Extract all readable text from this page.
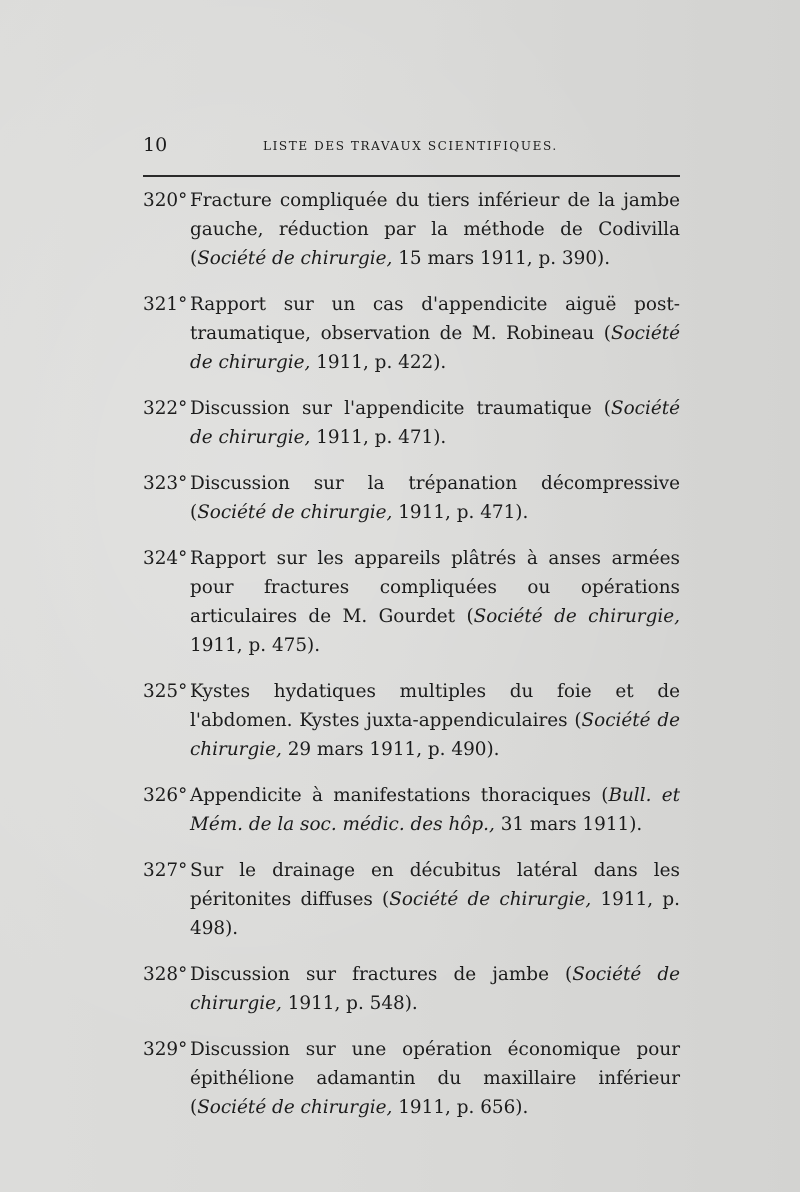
10	LISTE DES TRAVAUX SCIENTIFIQUES.
320° Fracture compliquée du tiers inférieur de la jambe gauche, réduction par la méthode de Codivilla (Société de chirurgie, 15 mars 1911, p. 390).
321° Rapport sur un cas d'appendicite aiguë post-traumatique, observation de M. Robineau (Société de chirurgie, 1911, p. 422).
322° Discussion sur l'appendicite traumatique (Société de chirurgie, 1911, p. 471).
323° Discussion sur la trépanation décompressive (Société de chirurgie, 1911, p. 471).
324° Rapport sur les appareils plâtrés à anses armées pour fractures compliquées ou opérations articulaires de M. Gourdet (Société de chirurgie, 1911, p. 475).
325° Kystes hydatiques multiples du foie et de l'abdomen. Kystes juxta-appendiculaires (Société de chirurgie, 29 mars 1911, p. 490).
326° Appendicite à manifestations thoraciques (Bull. et Mém. de la soc. médic. des hôp., 31 mars 1911).
327° Sur le drainage en décubitus latéral dans les péritonites diffuses (Société de chirurgie, 1911, p. 498).
328° Discussion sur fractures de jambe (Société de chirurgie, 1911, p. 548).
329° Discussion sur une opération économique pour épithélione adamantin du maxillaire inférieur (Société de chirurgie, 1911, p. 656).
